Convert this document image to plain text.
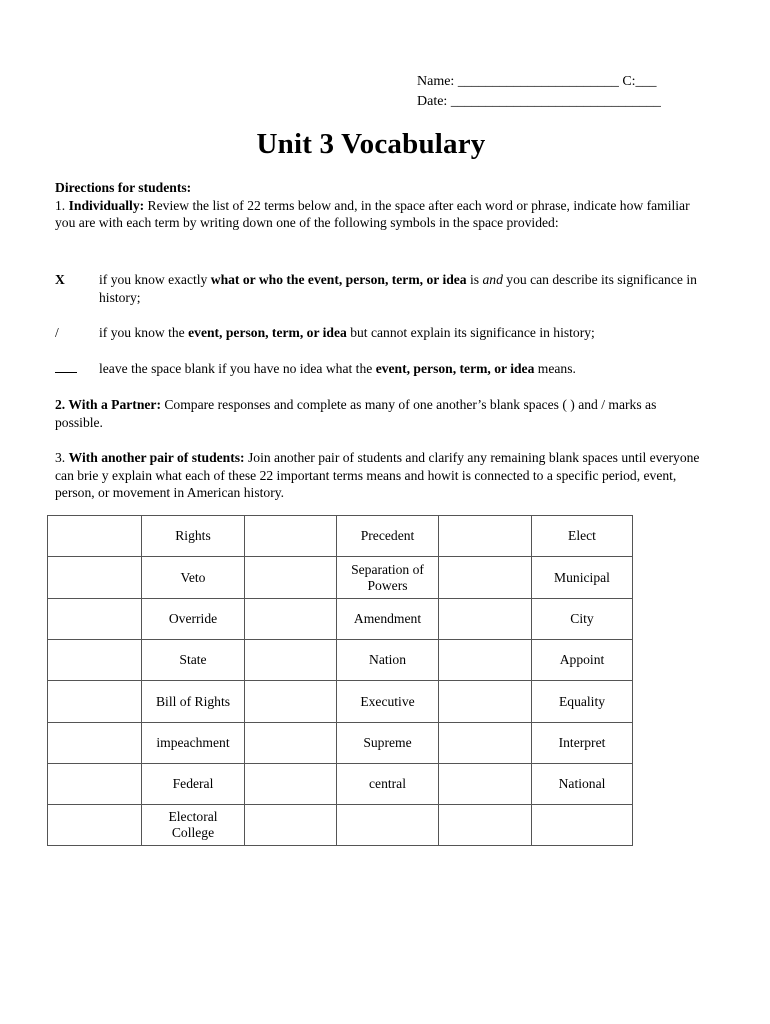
Name: _______________________ C:___
Date: ______________________________
Unit 3 Vocabulary

Directions for students:

1. Individually: Review the list of 22 terms below and, in the space after each word or phrase, indicate how familiar you are with each term by writing down one of the following symbols in the space provided:

X	if you know exactly what or who the event, person, term, or idea is and you can describe its significance in history;
/	if you know the event, person, term, or idea but cannot explain its significance in history;
leave the space blank if you have no idea what the event, person, term, or idea means.
2. With a Partner: Compare responses and complete as many of one another’s blank spaces ( ) and / marks as possible.
3. With another pair of students: Join another pair of students and clarify any remaining blank spaces until everyone can brie y explain what each of these 22 important terms means and howit is connected to a specific period, event, person, or movement in American history.
	Rights		Precedent		Elect
	Veto		Separation of Powers		Municipal
	Override		Amendment		City
	State		Nation		Appoint
	Bill of Rights		Executive		Equality
	impeachment		Supreme		Interpret
	Federal		central		National
	Electoral College				
